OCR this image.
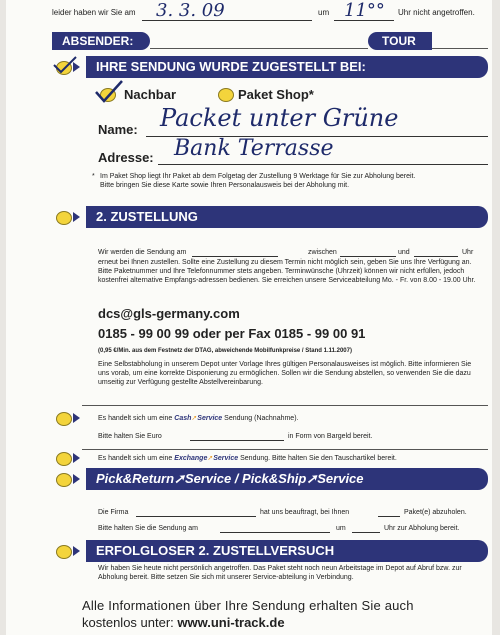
leider haben wir Sie am 3. 3. 09	um 11°° Uhr nicht angetroffen.
ABSENDER:	TOUR
IHRE SENDUNG WURDE ZUGESTELLT BEI:
Nachbar	Paket Shop*
Name: Packet unter Grüne
Adresse: Bank Terrasse
* Im Paket Shop liegt Ihr Paket ab dem Folgetag der Zustellung 9 Werktage für Sie zur Abholung bereit. Bitte bringen Sie diese Karte sowie Ihren Personalausweis bei der Abholung mit.
2. ZUSTELLUNG
Wir werden die Sendung am	zwischen	und	Uhr
erneut bei Ihnen zustellen. Sollte eine Zustellung zu diesem Termin nicht möglich sein, geben Sie uns Ihre Verfügung an. Bitte Paketnummer und Ihre Telefonnummer stets angeben. Terminwünsche (Uhrzeit) können wir nicht erfüllen, jedoch kostenfrei alternative Empfangs-adressen bedienen. Sie erreichen unsere Serviceabteilung Mo. - Fr. von 8.00 - 19.00 Uhr.
dcs@gls-germany.com
0185 - 99 00 99 oder per Fax 0185 - 99 00 91
(0,95 €/Min. aus dem Festnetz der DTAG, abweichende Mobilfunkpreise / Stand 1.11.2007)
Eine Selbstabholung in unserem Depot unter Vorlage Ihres gültigen Personalausweises ist möglich. Bitte informieren Sie uns vorab, um eine korrekte Disponierung zu ermöglichen. Sollen wir die Sendung abstellen, so verwenden Sie die dazu umseitig zur Verfügung gestellte Abstellvereinbarung.
Es handelt sich um eine Cash➚Service Sendung (Nachnahme).
Bitte halten Sie Euro	in Form von Bargeld bereit.
Es handelt sich um eine Exchange➚Service Sendung. Bitte halten Sie den Tauschartikel bereit.
Pick&Return➚Service / Pick&Ship➚Service
Die Firma	hat uns beauftragt, bei Ihnen	Paket(e) abzuholen.
Bitte halten Sie die Sendung am	um	Uhr zur Abholung bereit.
ERFOLGLOSER 2. ZUSTELLVERSUCH
Wir haben Sie heute nicht persönlich angetroffen. Das Paket steht noch neun Arbeitstage im Depot auf Abruf bzw. zur Abholung bereit. Bitte setzen Sie sich mit unserer Service-abteilung in Verbindung.
Alle Informationen über Ihre Sendung erhalten Sie auch
kostenlos unter: www.uni-track.de
